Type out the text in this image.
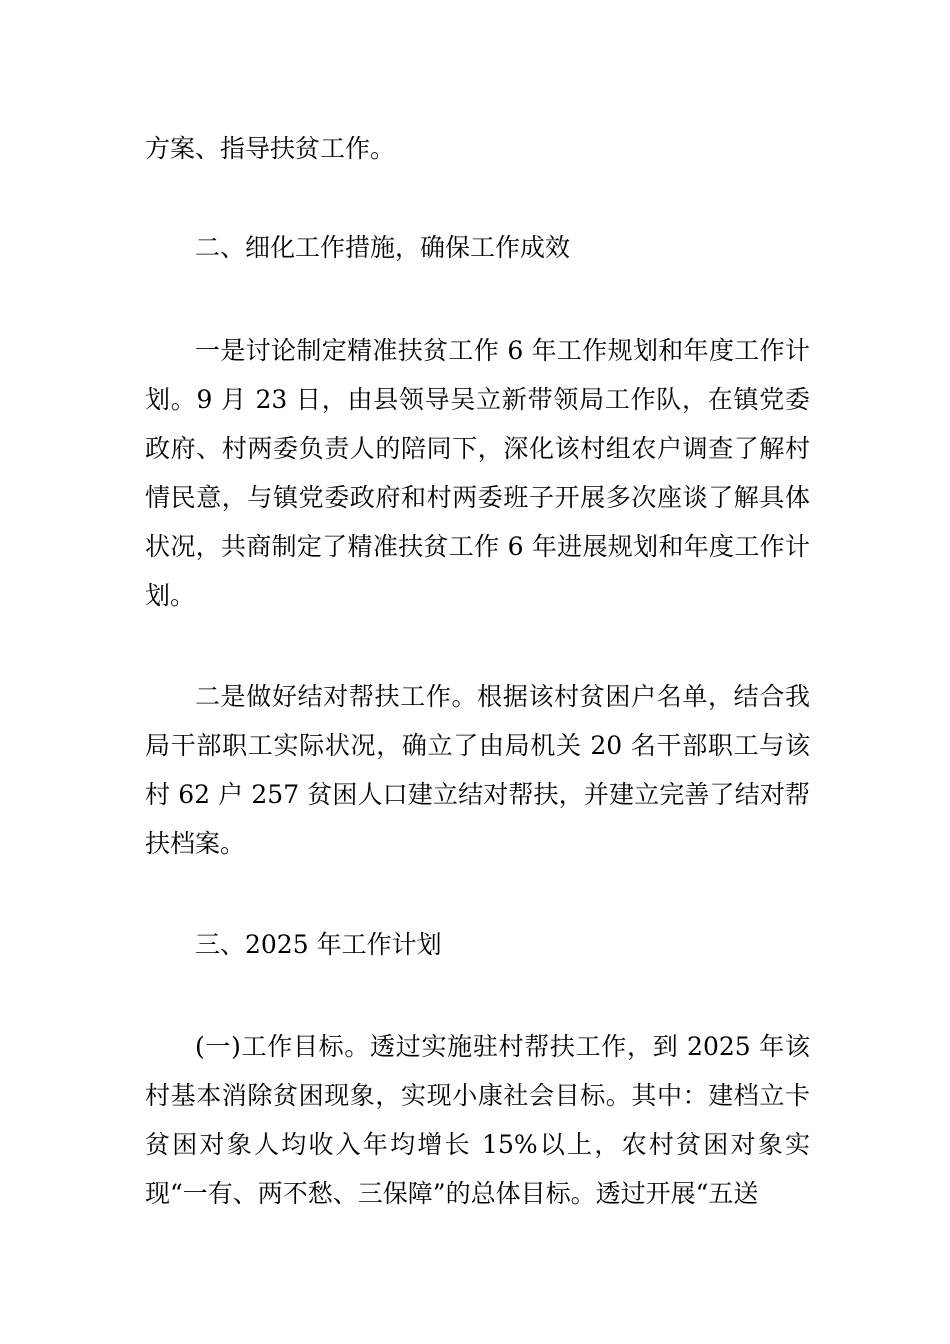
方案、指导扶贫工作。

二、细化工作措施，确保工作成效

一是讨论制定精准扶贫工作 6 年工作规划和年度工作计划。9 月 23 日，由县领导吴立新带领局工作队，在镇党委政府、村两委负责人的陪同下，深化该村组农户调查了解村情民意，与镇党委政府和村两委班子开展多次座谈了解具体状况，共商制定了精准扶贫工作 6 年进展规划和年度工作计划。

二是做好结对帮扶工作。根据该村贫困户名单，结合我局干部职工实际状况，确立了由局机关 20 名干部职工与该村 62 户 257 贫困人口建立结对帮扶，并建立完善了结对帮扶档案。

三、2025 年工作计划

(一)工作目标。透过实施驻村帮扶工作，到 2025 年该村基本消除贫困现象，实现小康社会目标。其中：建档立卡贫困对象人均收入年均增长 15%以上，农村贫困对象实现“一有、两不愁、三保障”的总体目标。透过开展“五送
